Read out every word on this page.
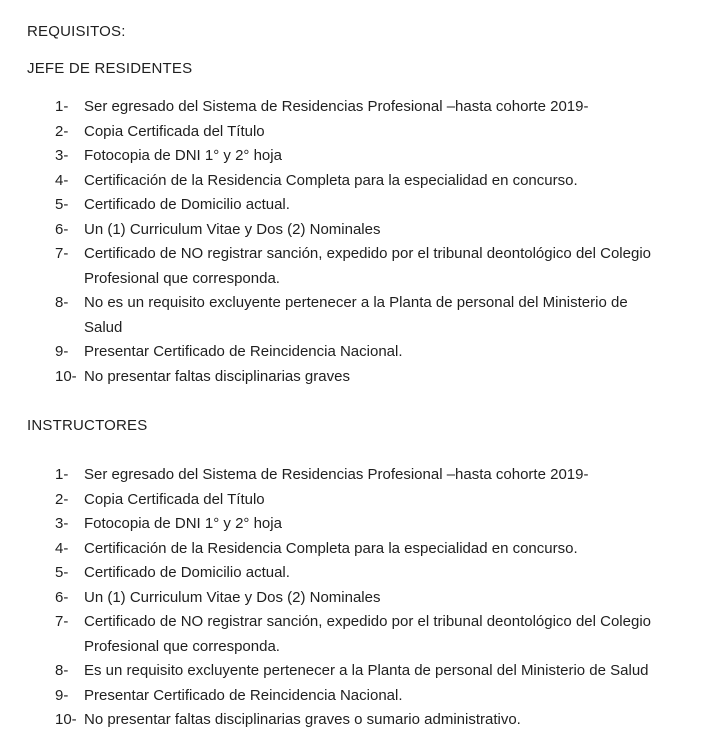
REQUISITOS:
JEFE DE RESIDENTES
1-	Ser egresado del Sistema de Residencias Profesional –hasta cohorte 2019-
2-	Copia Certificada del Título
3-	Fotocopia de DNI 1° y 2° hoja
4-	Certificación de la Residencia Completa para la especialidad en concurso.
5-	Certificado de Domicilio actual.
6-	Un (1) Curriculum Vitae y Dos (2) Nominales
7-	Certificado de NO registrar sanción, expedido por el tribunal deontológico del Colegio
Profesional que corresponda.
8-	No es un requisito excluyente pertenecer a la Planta de personal del Ministerio de
Salud
9-	Presentar Certificado de Reincidencia Nacional.
10- No presentar faltas disciplinarias graves
INSTRUCTORES
1-	Ser egresado del Sistema de Residencias Profesional –hasta cohorte 2019-
2-	Copia Certificada del Título
3-	Fotocopia de DNI 1° y 2° hoja
4-	Certificación de la Residencia Completa para la especialidad en concurso.
5-	Certificado de Domicilio actual.
6-	Un (1) Curriculum Vitae y Dos (2) Nominales
7-	Certificado de NO registrar sanción, expedido por el tribunal deontológico del Colegio
Profesional que corresponda.
8-	Es un requisito excluyente pertenecer a la Planta de personal del Ministerio de Salud
9-	Presentar Certificado de Reincidencia Nacional.
10- No presentar faltas disciplinarias graves o sumario administrativo.
